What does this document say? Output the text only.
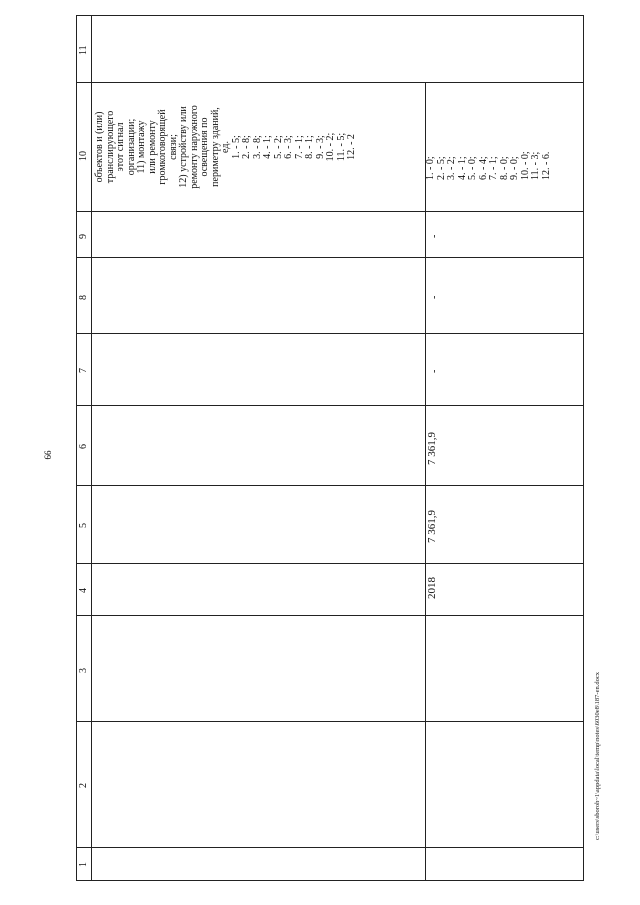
66
c:\users\sboroh~1\appdata\local\temp\notes\6030e8\187-en.docx
11
10
9
8
7
6
5
4
3
2
1
объектов и (или) транслирующего этот сигнал организации; 11) монтажу или ремонту громкоговорящей связи; 12) устройству или ремонту наружного освещения по периметру зданий, ед. 1. - 5; 2. - 8; 3. - 8; 4. - 1; 5. - 2; 6. - 3; 7. - 1; 8. - 1; 9. - 3; 10. - 2; 11. - 5; 12. - 2
2018
7 361,9
7 361,9
-
-
-
1. - 0; 2. - 5; 3. - 2; 4. - 1; 5. - 0; 6. - 4; 7. - 1; 8. - 0; 9. - 0; 10. - 0; 11. - 3; 12. - 6.
